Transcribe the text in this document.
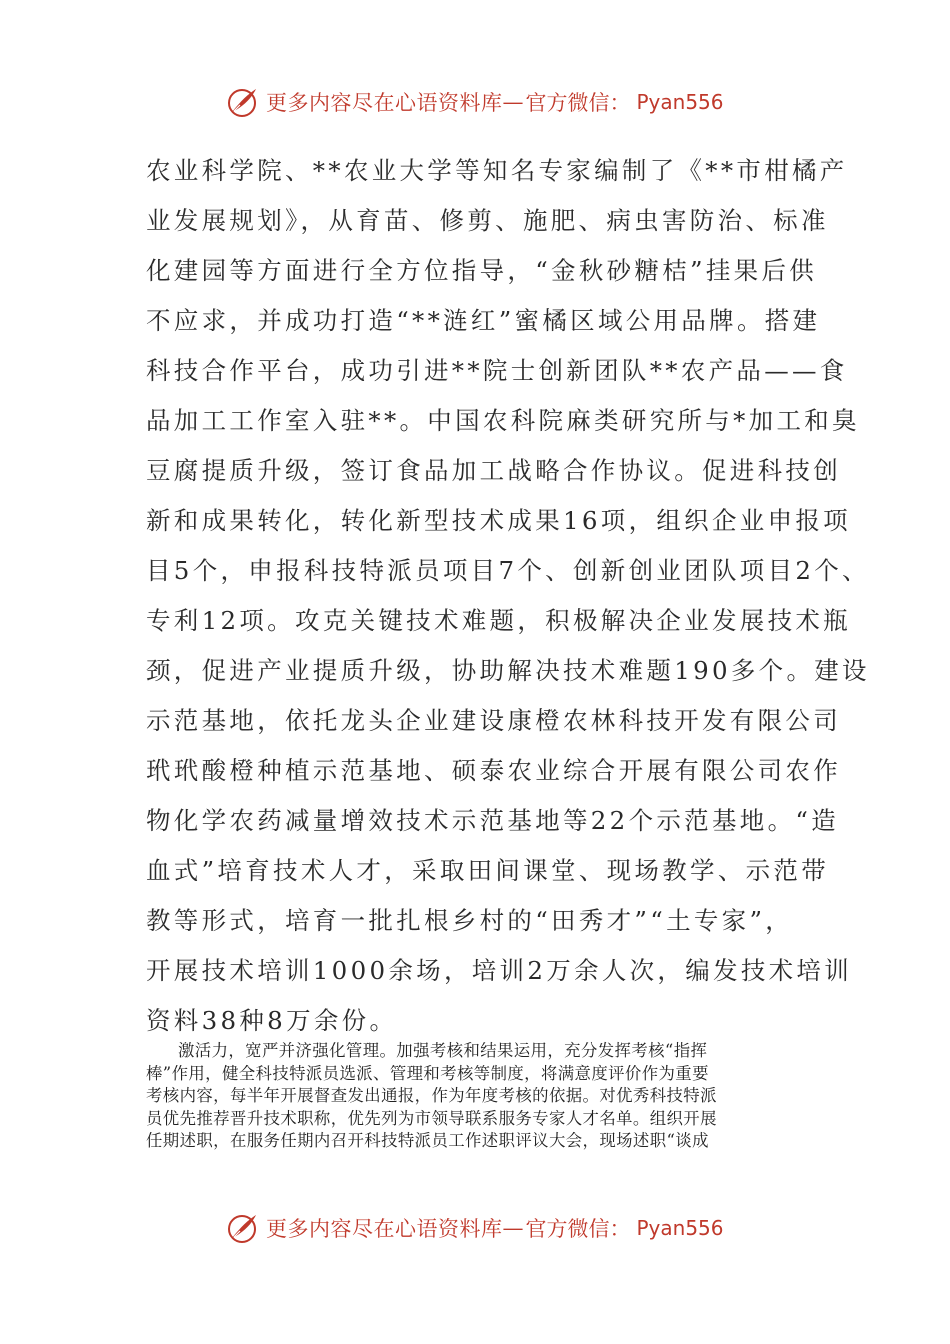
更多内容尽在心语资料库 — 官方微信： Pyan556
农业科学院、**农业大学等知名专家编制了《**市柑橘产
业发展规划》，从育苗、修剪、施肥、病虫害防治、标准
化建园等方面进行全方位指导，“金秋砂糖桔”挂果后供
不应求，并成功打造“**涟红”蜜橘区域公用品牌。搭建
科技合作平台，成功引进**院士创新团队**农产品——食
品加工工作室入驻**。中国农科院麻类研究所与*加工和臭
豆腐提质升级，签订食品加工战略合作协议。促进科技创
新和成果转化，转化新型技术成果16项，组织企业申报项
目5个，申报科技特派员项目7个、创新创业团队项目2个、
专利12项。攻克关键技术难题，积极解决企业发展技术瓶
颈，促进产业提质升级，协助解决技术难题190多个。建设
示范基地，依托龙头企业建设康橙农林科技开发有限公司
玳玳酸橙种植示范基地、硕泰农业综合开展有限公司农作
物化学农药减量增效技术示范基地等22个示范基地。“造
血式”培育技术人才，采取田间课堂、现场教学、示范带
教等形式，培育一批扎根乡村的“田秀才”“土专家”，
开展技术培训1000余场，培训2万余人次，编发技术培训
资料38种8万余份。
激活力，宽严并济强化管理。加强考核和结果运用，充分发挥考核“指挥
棒”作用，健全科技特派员选派、管理和考核等制度，将满意度评价作为重要
考核内容，每半年开展督查发出通报，作为年度考核的依据。对优秀科技特派
员优先推荐晋升技术职称，优先列为市领导联系服务专家人才名单。组织开展
任期述职，在服务任期内召开科技特派员工作述职评议大会，现场述职“谈成
更多内容尽在心语资料库 — 官方微信： Pyan556
